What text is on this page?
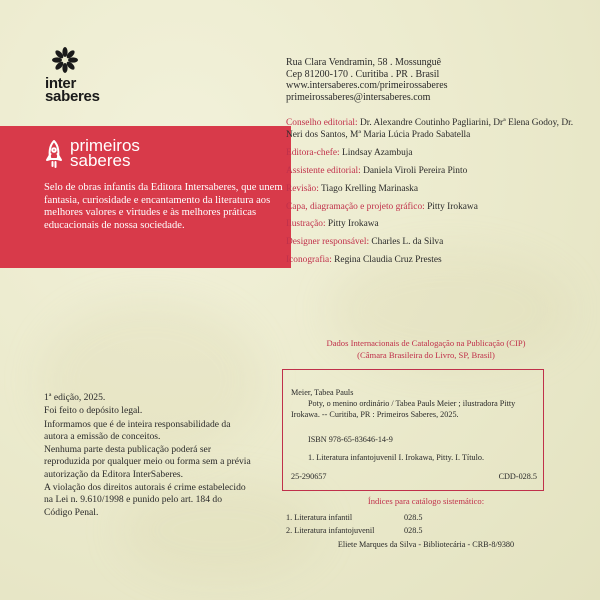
inter
saberes
primeiros
saberes
Selo de obras infantis da Editora Intersaberes, que unem fantasia, curiosidade e encantamento da literatura aos melhores valores e virtudes e às melhores práticas educacionais de nossa sociedade.
Rua Clara Vendramin, 58 . Mossunguê
Cep 81200-170 . Curitiba . PR . Brasil
www.intersaberes.com/primeirossaberes
primeirossaberes@intersaberes.com
Conselho editorial: Dr. Alexandre Coutinho Pagliarini, Drª Elena Godoy, Dr. Neri dos Santos, Mª Maria Lúcia Prado Sabatella
Editora-chefe: Lindsay Azambuja
Assistente editorial: Daniela Viroli Pereira Pinto
Revisão: Tiago Krelling Marinaska
Capa, diagramação e projeto gráfico: Pitty Irokawa
Ilustração: Pitty Irokawa
Designer responsável: Charles L. da Silva
Iconografia: Regina Claudia Cruz Prestes
Dados Internacionais de Catalogação na Publicação (CIP)
(Câmara Brasileira do Livro, SP, Brasil)
Meier, Tabea Pauls
Poty, o menino ordinário / Tabea Pauls Meier ; ilustradora Pitty Irokawa. -- Curitiba, PR : Primeiros Saberes, 2025.
ISBN 978-65-83646-14-9
1. Literatura infantojuvenil I. Irokawa, Pitty. I. Título.
25-290657	CDD-028.5
Índices para catálogo sistemático:
1. Literatura infantil	028.5
2. Literatura infantojuvenil	028.5
Eliete Marques da Silva - Bibliotecária - CRB-8/9380

1ª edição, 2025.

Foi feito o depósito legal.

Informamos que é de inteira responsabilidade da autora a emissão de conceitos.

Nenhuma parte desta publicação poderá ser reproduzida por qualquer meio ou forma sem a prévia autorização da Editora InterSaberes.

A violação dos direitos autorais é crime estabelecido na Lei n. 9.610/1998 e punido pelo art. 184 do Código Penal.
